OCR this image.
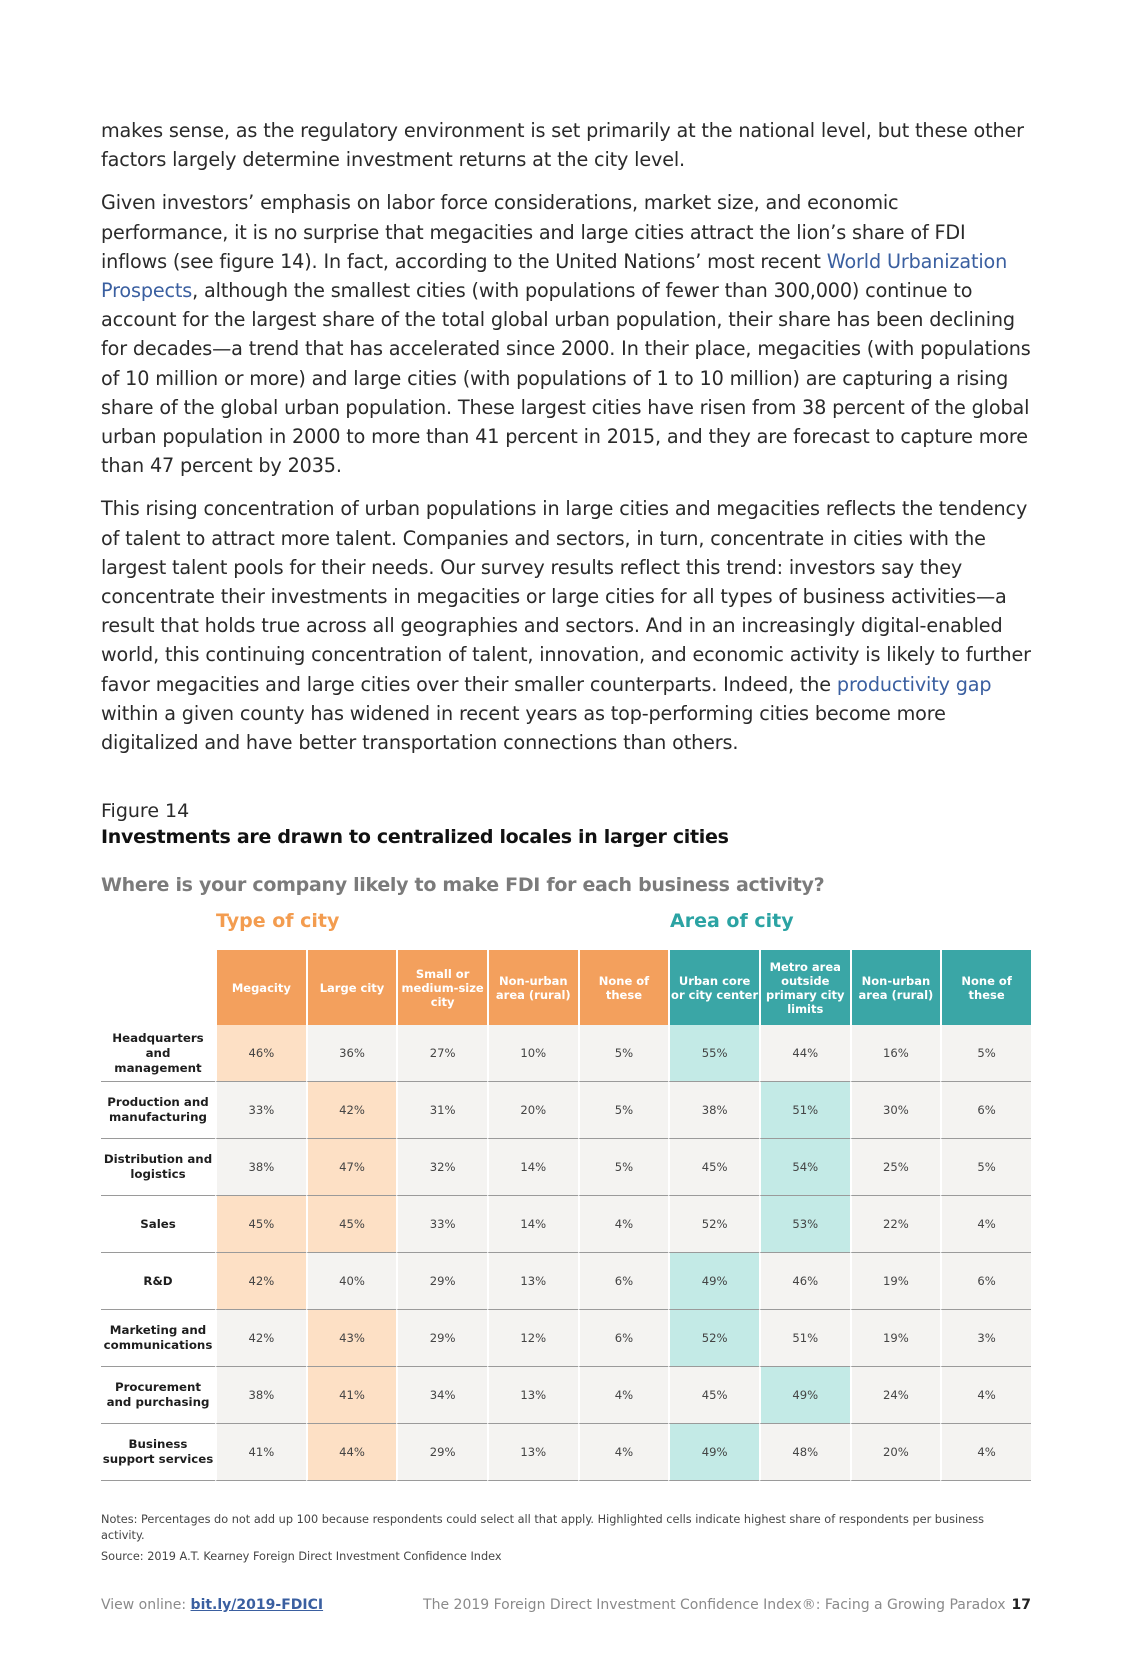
makes sense, as the regulatory environment is set primarily at the national level, but these other factors largely determine investment returns at the city level.

Given investors’ emphasis on labor force considerations, market size, and economic performance, it is no surprise that megacities and large cities attract the lion’s share of FDI inflows (see figure 14). In fact, according to the United Nations’ most recent World Urbanization Prospects, although the smallest cities (with populations of fewer than 300,000) continue to account for the largest share of the total global urban population, their share has been declining for decades—a trend that has accelerated since 2000. In their place, megacities (with populations of 10 million or more) and large cities (with populations of 1 to 10 million) are capturing a rising share of the global urban population. These largest cities have risen from 38 percent of the global urban population in 2000 to more than 41 percent in 2015, and they are forecast to capture more than 47 percent by 2035.

This rising concentration of urban populations in large cities and megacities reflects the tendency of talent to attract more talent. Companies and sectors, in turn, concentrate in cities with the largest talent pools for their needs. Our survey results reflect this trend: investors say they concentrate their investments in megacities or large cities for all types of business activities—a result that holds true across all geographies and sectors. And in an increasingly digital-enabled world, this continuing concentration of talent, innovation, and economic activity is likely to further favor megacities and large cities over their smaller counterparts. Indeed, the productivity gap within a given county has widened in recent years as top-performing cities become more digitalized and have better transportation connections than others.

Figure 14
Investments are drawn to centralized locales in larger cities
Where is your company likely to make FDI for each business activity?
Type of city	Area of city
	Megacity	Large city	Small or medium-size city	Non-urban area (rural)	None of these	Urban core or city center	Metro area outside primary city limits	Non-urban area (rural)	None of these
Headquarters and management	46%	36%	27%	10%	5%	55%	44%	16%	5%
Production and manufacturing	33%	42%	31%	20%	5%	38%	51%	30%	6%
Distribution and logistics	38%	47%	32%	14%	5%	45%	54%	25%	5%
Sales	45%	45%	33%	14%	4%	52%	53%	22%	4%
R&D	42%	40%	29%	13%	6%	49%	46%	19%	6%
Marketing and communications	42%	43%	29%	12%	6%	52%	51%	19%	3%
Procurement and purchasing	38%	41%	34%	13%	4%	45%	49%	24%	4%
Business support services	41%	44%	29%	13%	4%	49%	48%	20%	4%

Notes: Percentages do not add up 100 because respondents could select all that apply. Highlighted cells indicate highest share of respondents per business activity.

Source: 2019 A.T. Kearney Foreign Direct Investment Confidence Index

View online: bit.ly/2019-FDICI	The 2019 Foreign Direct Investment Confidence Index®: Facing a Growing Paradox 17
